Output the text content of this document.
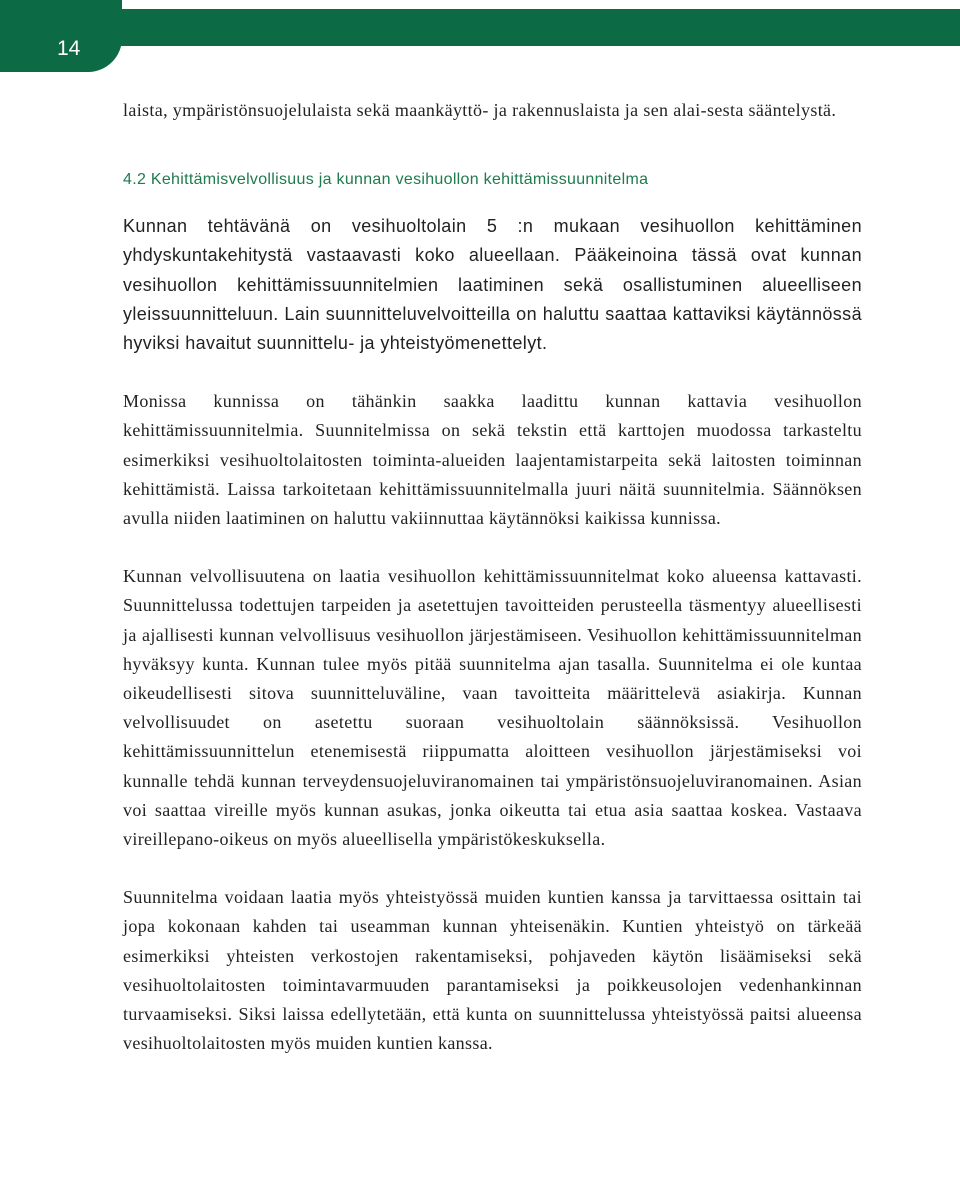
14

laista, ympäristönsuojelulaista sekä maankäyttö- ja rakennuslaista ja sen alai-sesta sääntelystä.

4.2 Kehittämisvelvollisuus ja kunnan vesihuollon kehittämissuunnitelma

Kunnan tehtävänä on vesihuoltolain 5 :n mukaan vesihuollon kehittäminen yhdyskuntakehitystä vastaavasti koko alueellaan. Pääkeinoina tässä ovat kunnan vesihuollon kehittämissuunnitelmien laatiminen sekä osallistuminen alueelliseen yleissuunnitteluun. Lain suunnitteluvelvoitteilla on haluttu saattaa kattaviksi käytännössä hyviksi havaitut suunnittelu- ja yhteistyömenettelyt.

Monissa kunnissa on tähänkin saakka laadittu kunnan kattavia vesihuollon kehittämissuunnitelmia. Suunnitelmissa on sekä tekstin että karttojen muodossa tarkasteltu esimerkiksi vesihuoltolaitosten toiminta-alueiden laajentamistarpeita sekä laitosten toiminnan kehittämistä. Laissa tarkoitetaan kehittämissuunnitelmalla juuri näitä suunnitelmia. Säännöksen avulla niiden laatiminen on haluttu vakiinnuttaa käytännöksi kaikissa kunnissa.

Kunnan velvollisuutena on laatia vesihuollon kehittämissuunnitelmat koko alueensa kattavasti. Suunnittelussa todettujen tarpeiden ja asetettujen tavoitteiden perusteella täsmentyy alueellisesti ja ajallisesti kunnan velvollisuus vesihuollon järjestämiseen. Vesihuollon kehittämissuunnitelman hyväksyy kunta. Kunnan tulee myös pitää suunnitelma ajan tasalla. Suunnitelma ei ole kuntaa oikeudellisesti sitova suunnitteluväline, vaan tavoitteita määrittelevä asiakirja. Kunnan velvollisuudet on asetettu suoraan vesihuoltolain säännöksissä. Vesihuollon kehittämissuunnittelun etenemisestä riippumatta aloitteen vesihuollon järjestämiseksi voi kunnalle tehdä kunnan terveydensuojeluviranomainen tai ympäristönsuojeluviranomainen. Asian voi saattaa vireille myös kunnan asukas, jonka oikeutta tai etua asia saattaa koskea. Vastaava vireillepano-oikeus on myös alueellisella ympäristökeskuksella.

Suunnitelma voidaan laatia myös yhteistyössä muiden kuntien kanssa ja tarvittaessa osittain tai jopa kokonaan kahden tai useamman kunnan yhteisenäkin. Kuntien yhteistyö on tärkeää esimerkiksi yhteisten verkostojen rakentamiseksi, pohjaveden käytön lisäämiseksi sekä vesihuoltolaitosten toimintavarmuuden parantamiseksi ja poikkeusolojen vedenhankinnan turvaamiseksi. Siksi laissa edellytetään, että kunta on suunnittelussa yhteistyössä paitsi alueensa vesihuoltolaitosten myös muiden kuntien kanssa.
